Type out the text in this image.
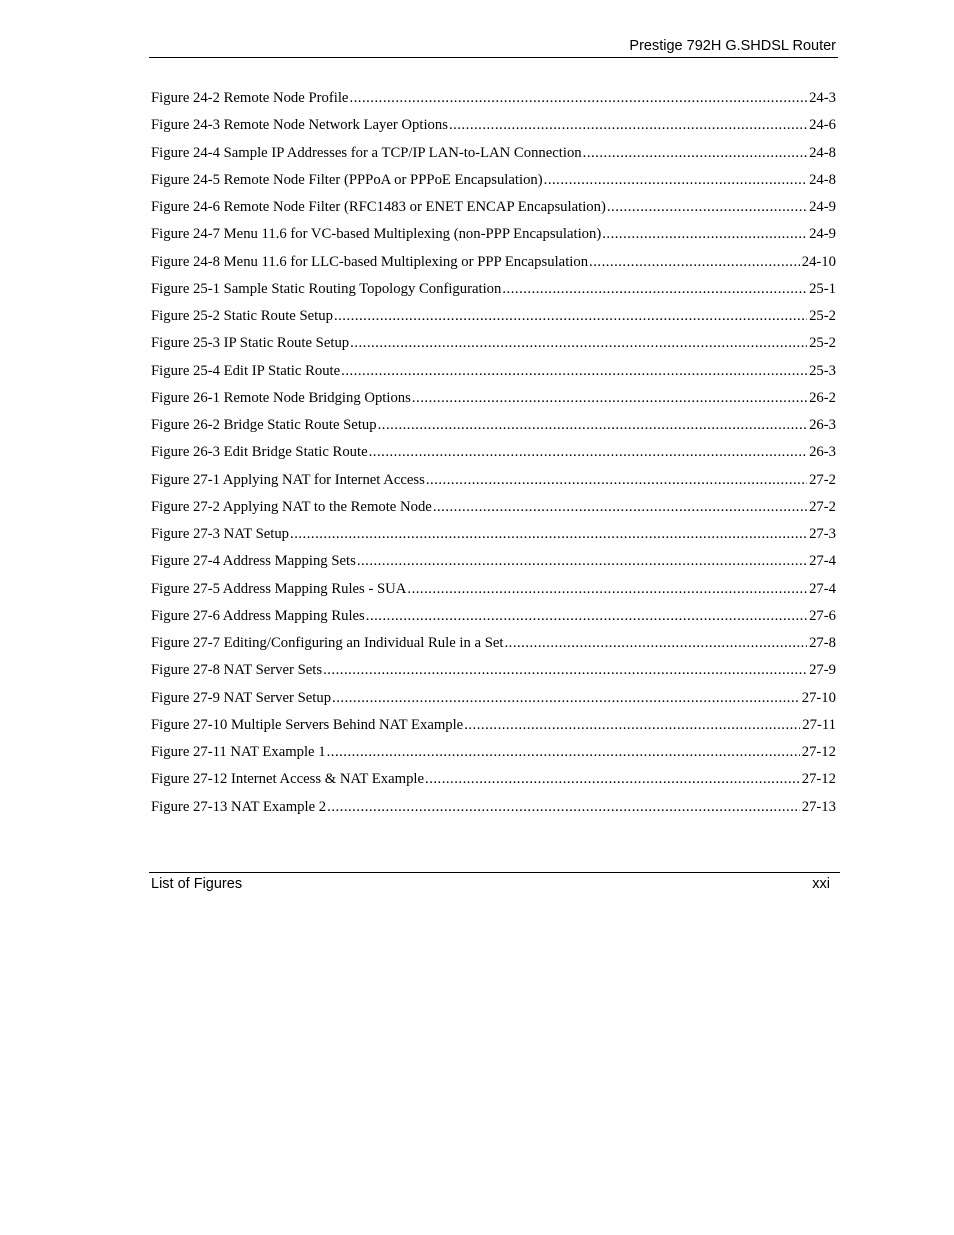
Prestige 792H G.SHDSL Router
Figure 24-2 Remote Node Profile .....	24-3
Figure 24-3 Remote Node Network Layer Options .....	24-6
Figure 24-4 Sample IP Addresses for a TCP/IP LAN-to-LAN Connection .....	24-8
Figure 24-5 Remote Node Filter (PPPoA or PPPoE Encapsulation) .....	24-8
Figure 24-6 Remote Node Filter (RFC1483 or ENET ENCAP Encapsulation) .....	24-9
Figure 24-7 Menu 11.6 for VC-based Multiplexing (non-PPP Encapsulation) .....	24-9
Figure 24-8 Menu 11.6 for LLC-based Multiplexing or PPP Encapsulation .....	24-10
Figure 25-1 Sample Static Routing Topology Configuration .....	25-1
Figure 25-2 Static Route Setup .....	25-2
Figure 25-3 IP Static Route Setup .....	25-2
Figure 25-4 Edit IP Static Route .....	25-3
Figure 26-1 Remote Node Bridging Options .....	26-2
Figure 26-2 Bridge Static Route Setup .....	26-3
Figure 26-3 Edit Bridge Static Route .....	26-3
Figure 27-1 Applying NAT for Internet Access .....	27-2
Figure 27-2 Applying NAT to the Remote Node .....	27-2
Figure 27-3 NAT Setup .....	27-3
Figure 27-4 Address Mapping Sets .....	27-4
Figure 27-5 Address Mapping Rules - SUA .....	27-4
Figure 27-6 Address Mapping Rules .....	27-6
Figure 27-7 Editing/Configuring an Individual Rule in a Set .....	27-8
Figure 27-8 NAT Server Sets .....	27-9
Figure 27-9 NAT Server Setup .....	27-10
Figure 27-10 Multiple Servers Behind NAT Example .....	27-11
Figure 27-11 NAT Example 1 .....	27-12
Figure 27-12 Internet Access & NAT Example .....	27-12
Figure 27-13 NAT Example 2 .....	27-13
List of Figures	xxi
